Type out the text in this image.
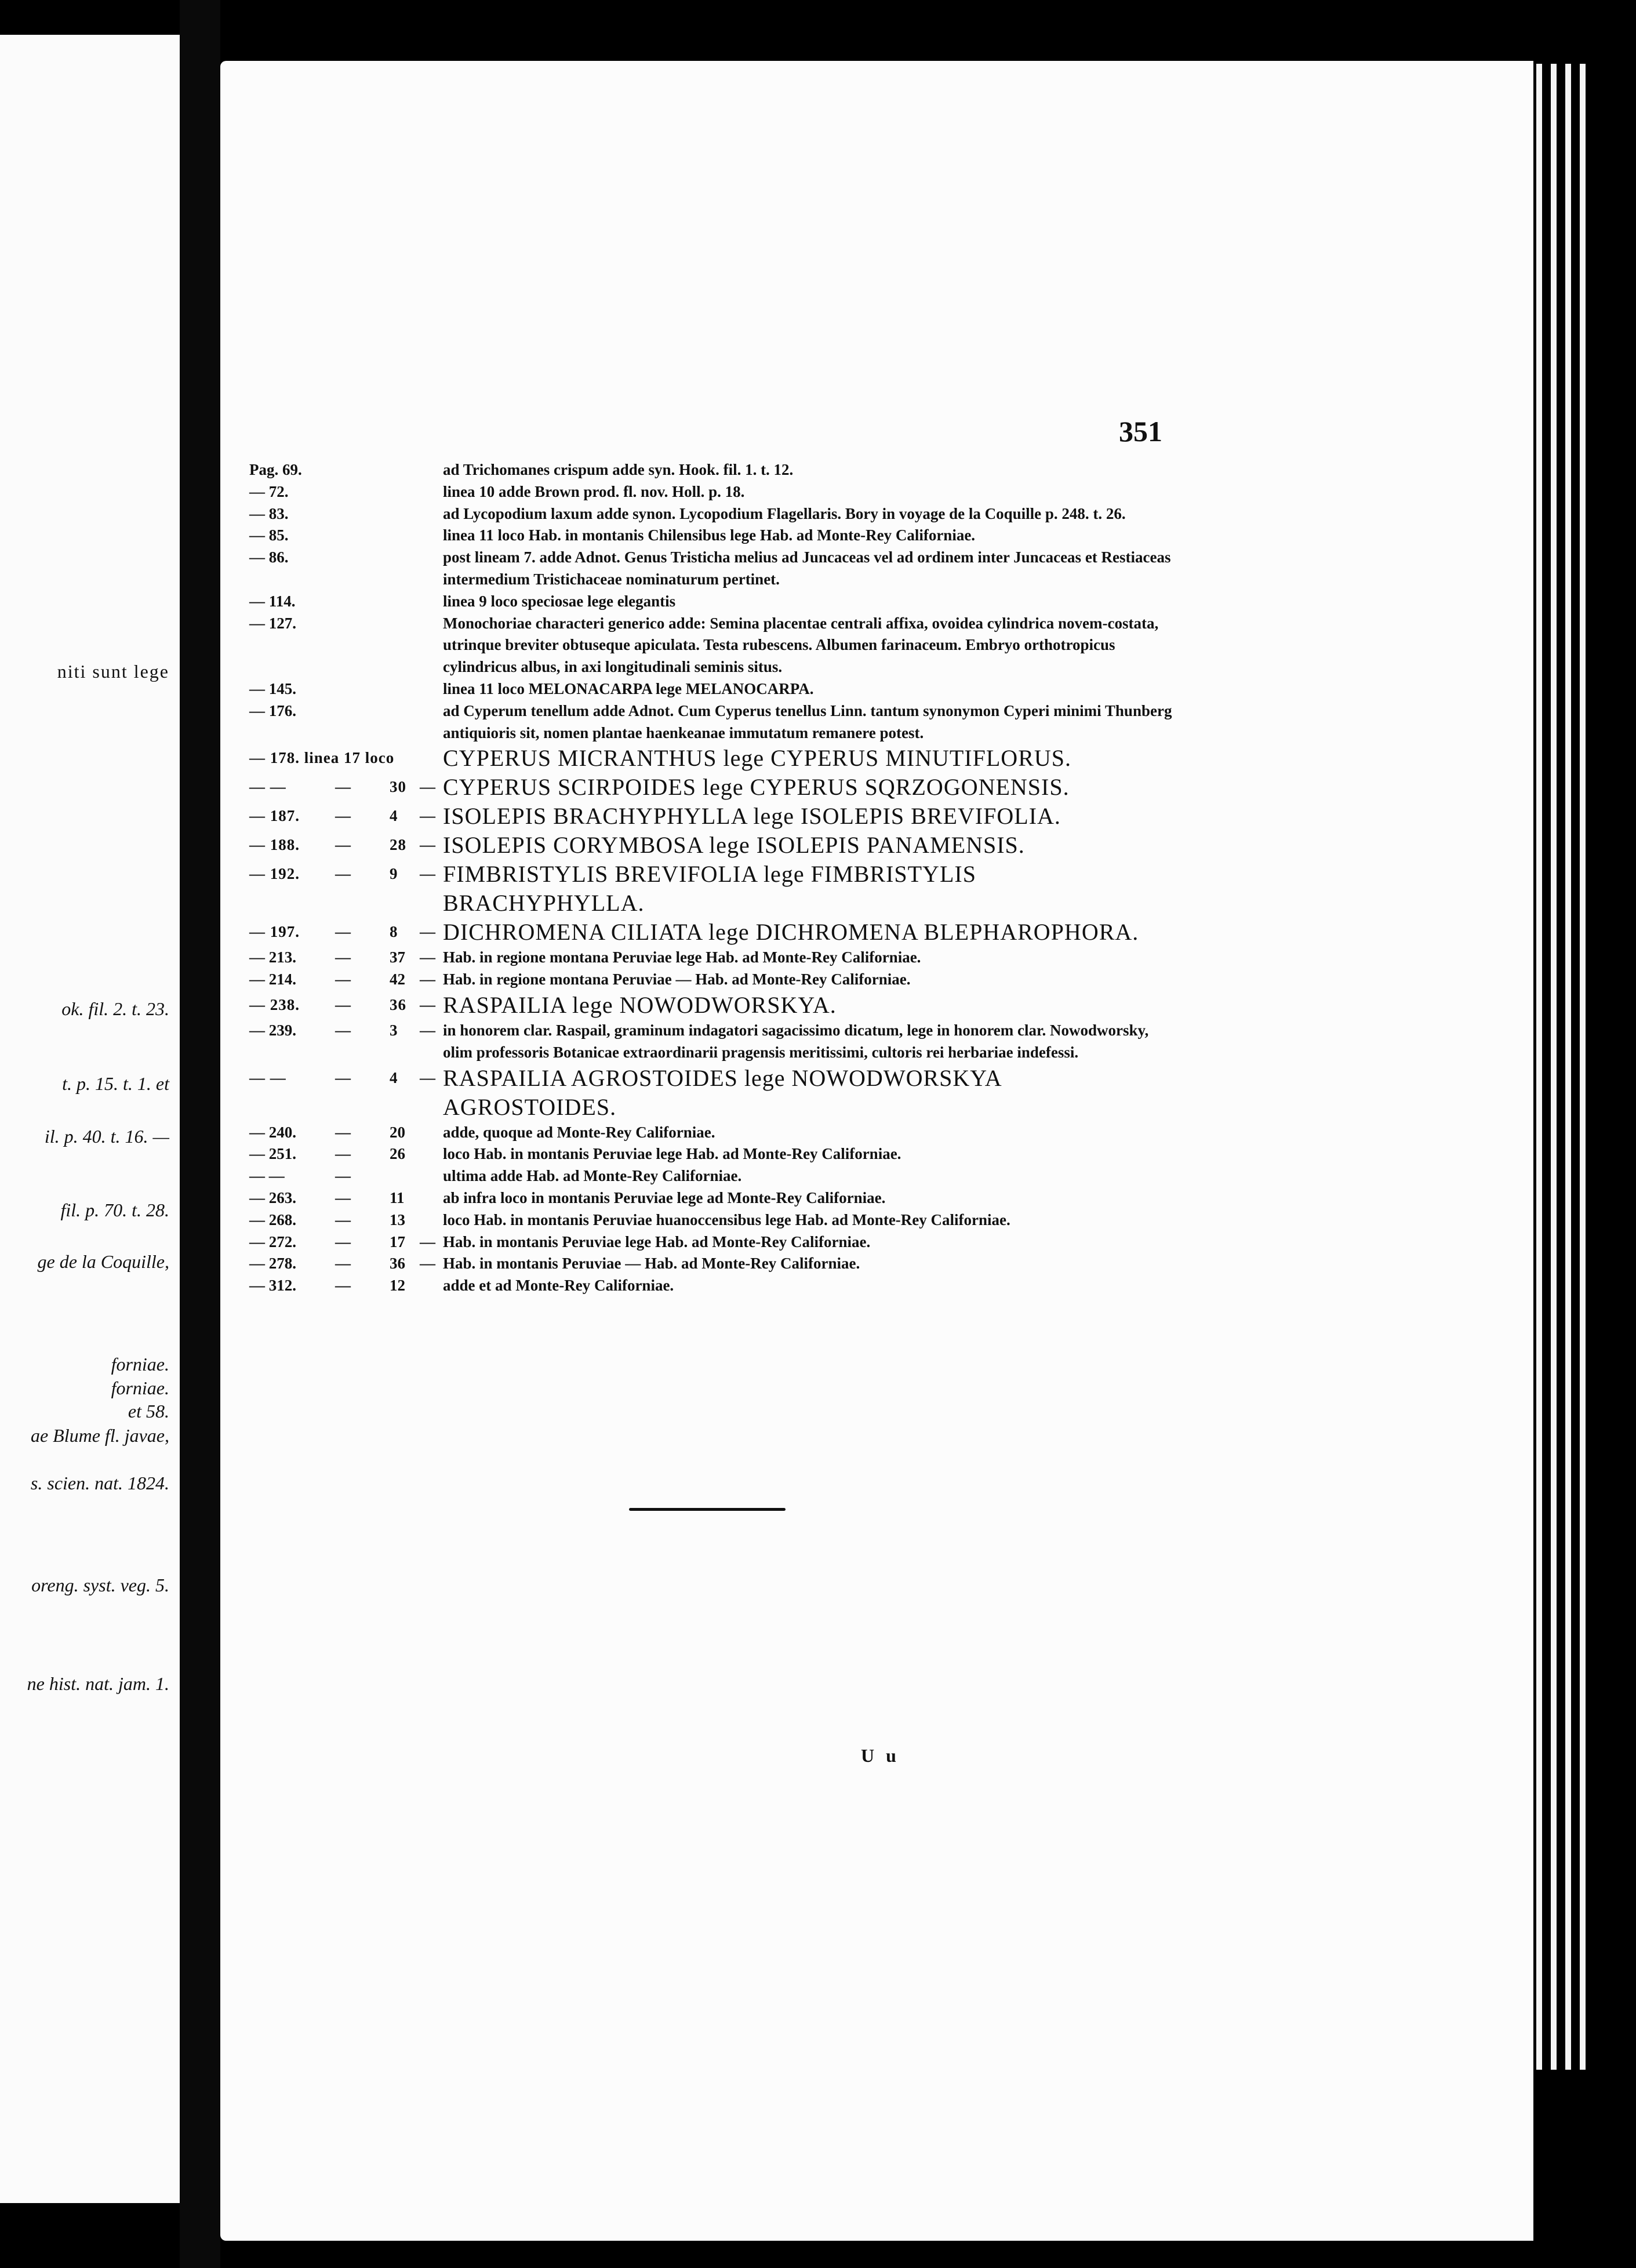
niti sunt lege
ok. fil. 2. t. 23.
t. p. 15. t. 1. et
il. p. 40. t. 16. —
fil. p. 70. t. 28.
ge de la Coquille,
forniae.
forniae.
et 58.
ae Blume fl. javae,
s. scien. nat. 1824.
oreng. syst. veg. 5.
ne hist. nat. jam. 1.
351
Pag. 69.	ad Trichomanes crispum adde syn. Hook. fil. 1. t. 12.
— 72.	linea 10 adde Brown prod. fl. nov. Holl. p. 18.
— 83.	ad Lycopodium laxum adde synon. Lycopodium Flagellaris. Bory in voyage de la Coquille p. 248. t. 26.
— 85.	linea 11 loco Hab. in montanis Chilensibus lege Hab. ad Monte-Rey Californiae.
— 86.	post lineam 7. adde Adnot. Genus Tristicha melius ad Juncaceas vel ad ordinem inter Juncaceas et Restiaceas intermedium Tristichaceae nominaturum pertinet.
— 114.	linea 9 loco speciosae lege elegantis
— 127.	Monochoriae characteri generico adde: Semina placentae centrali affixa, ovoidea cylindrica novem-costata, utrinque breviter obtuseque apiculata. Testa rubescens. Albumen farinaceum. Embryo orthotropicus cylindricus albus, in axi longitudinali seminis situs.
— 145.	linea 11 loco MELONACARPA lege MELANOCARPA.
— 176.	ad Cyperum tenellum adde Adnot. Cum Cyperus tenellus Linn. tantum synonymon Cyperi minimi Thunberg antiquioris sit, nomen plantae haenkeanae immutatum remanere potest.
— 178. linea 17 loco CYPERUS MICRANTHUS lege CYPERUS MINUTIFLORUS.
— —	—	30 — CYPERUS SCIRPOIDES lege CYPERUS SQRZOGONENSIS.
— 187.	—	4	— ISOLEPIS BRACHYPHYLLA lege ISOLEPIS BREVIFOLIA.
— 188.	—	28 — ISOLEPIS CORYMBOSA lege ISOLEPIS PANAMENSIS.
— 192.	—	9	— FIMBRISTYLIS BREVIFOLIA lege FIMBRISTYLIS BRACHYPHYLLA.
— 197.	—	8	— DICHROMENA CILIATA lege DICHROMENA BLEPHAROPHORA.
— 213.	—	37 — Hab. in regione montana Peruviae lege Hab. ad Monte-Rey Californiae.
— 214.	—	42 — Hab. in regione montana Peruviae — Hab. ad Monte-Rey Californiae.
— 238.	—	36 — RASPAILIA lege NOWODWORSKYA.
— 239.	—	3	— in honorem clar. Raspail, graminum indagatori sagacissimo dicatum, lege in honorem clar. Nowodworsky, olim professoris Botanicae extraordinarii pragensis meritissimi, cultoris rei herbariae indefessi.
— —	—	4	— RASPAILIA AGROSTOIDES lege NOWODWORSKYA AGROSTOIDES.
— 240.	—	20	adde, quoque ad Monte-Rey Californiae.
— 251.	—	26	loco Hab. in montanis Peruviae lege Hab. ad Monte-Rey Californiae.
— —	—	ultima adde Hab. ad Monte-Rey Californiae.
— 263.	—	11	ab infra loco in montanis Peruviae lege ad Monte-Rey Californiae.
— 268.	—	13	loco Hab. in montanis Peruviae huanoccensibus lege Hab. ad Monte-Rey Californiae.
— 272.	—	17 — Hab. in montanis Peruviae lege Hab. ad Monte-Rey Californiae.
— 278.	—	36 — Hab. in montanis Peruviae — Hab. ad Monte-Rey Californiae.
— 312.	—	12	adde et ad Monte-Rey Californiae.
U u
